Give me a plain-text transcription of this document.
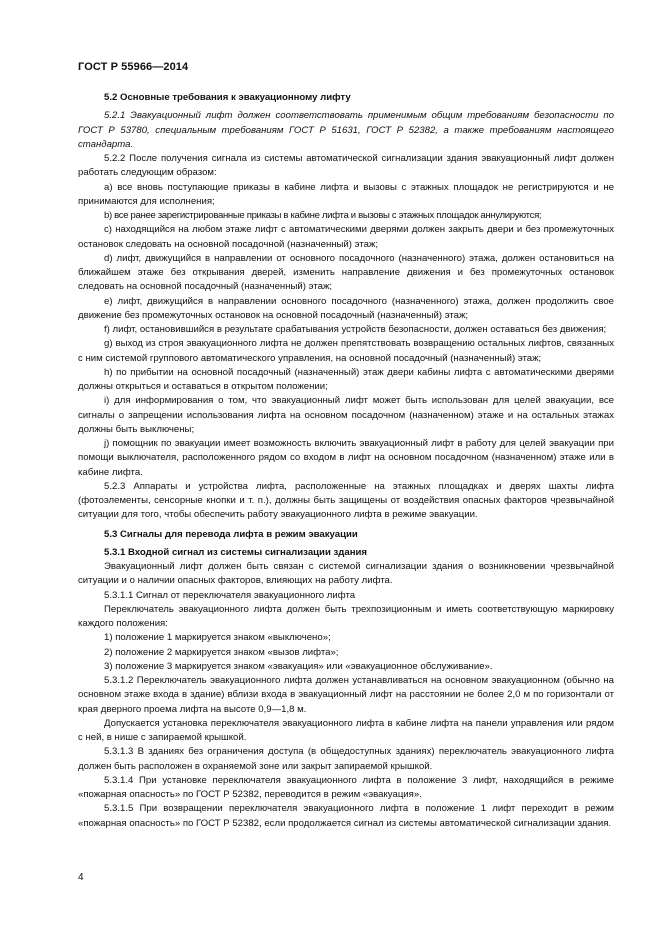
ГОСТ Р 55966—2014

5.2 Основные требования к эвакуационному лифту

5.2.1 Эвакуационный лифт должен соответствовать применимым общим требованиям безопасности по ГОСТ Р 53780, специальным требованиям ГОСТ Р 51631, ГОСТ Р 52382, а также требованиям настоящего стандарта.

5.2.2 После получения сигнала из системы автоматической сигнализации здания эвакуационный лифт должен работать следующим образом:

а) все вновь поступающие приказы в кабине лифта и вызовы с этажных площадок не регистрируются и не принимаются для исполнения;

b) все ранее зарегистрированные приказы в кабине лифта и вызовы с этажных площадок аннулируются;

с) находящийся на любом этаже лифт с автоматическими дверями должен закрыть двери и без промежуточных остановок следовать на основной посадочной (назначенный) этаж;

d) лифт, движущийся в направлении от основного посадочного (назначенного) этажа, должен остановиться на ближайшем этаже без открывания дверей, изменить направление движения и без промежуточных остановок следовать на основной посадочный (назначенный) этаж;

е) лифт, движущийся в направлении основного посадочного (назначенного) этажа, должен продолжить свое движение без промежуточных остановок на основной посадочный (назначенный) этаж;

f) лифт, остановившийся в результате срабатывания устройств безопасности, должен оставаться без движения;

g) выход из строя эвакуационного лифта не должен препятствовать возвращению остальных лифтов, связанных с ним системой группового автоматического управления, на основной посадочный (назначенный) этаж;

h) по прибытии на основной посадочный (назначенный) этаж двери кабины лифта с автоматическими дверями должны открыться и оставаться в открытом положении;

i) для информирования о том, что эвакуационный лифт может быть использован для целей эвакуации, все сигналы о запрещении использования лифта на основном посадочном (назначенном) этаже и на остальных этажах должны быть выключены;

j) помощник по эвакуации имеет возможность включить эвакуационный лифт в работу для целей эвакуации при помощи выключателя, расположенного рядом со входом в лифт на основном посадочном (назначенном) этаже или в кабине лифта.

5.2.3 Аппараты и устройства лифта, расположенные на этажных площадках и дверях шахты лифта (фотоэлементы, сенсорные кнопки и т. п.), должны быть защищены от воздействия опасных факторов чрезвычайной ситуации для того, чтобы обеспечить работу эвакуационного лифта в режиме эвакуации.

5.3 Сигналы для перевода лифта в режим эвакуации

5.3.1 Входной сигнал из системы сигнализации здания

Эвакуационный лифт должен быть связан с системой сигнализации здания о возникновении чрезвычайной ситуации и о наличии опасных факторов, влияющих на работу лифта.

5.3.1.1 Сигнал от переключателя эвакуационного лифта

Переключатель эвакуационного лифта должен быть трехпозиционным и иметь соответствующую маркировку каждого положения:

1) положение 1 маркируется знаком «выключено»;

2) положение 2 маркируется знаком «вызов лифта»;

3) положение 3 маркируется знаком «эвакуация» или «эвакуационное обслуживание».

5.3.1.2 Переключатель эвакуационного лифта должен устанавливаться на основном эвакуационном (обычно на основном этаже входа в здание) вблизи входа в эвакуационный лифт на расстоянии не более 2,0 м по горизонтали от края дверного проема лифта на высоте 0,9—1,8 м.

Допускается установка переключателя эвакуационного лифта в кабине лифта на панели управления или рядом с ней, в нише с запираемой крышкой.

5.3.1.3 В зданиях без ограничения доступа (в общедоступных зданиях) переключатель эвакуационного лифта должен быть расположен в охраняемой зоне или закрыт запираемой крышкой.

5.3.1.4 При установке переключателя эвакуационного лифта в положение 3 лифт, находящийся в режиме «пожарная опасность» по ГОСТ Р 52382, переводится в режим «эвакуация».

5.3.1.5 При возвращении переключателя эвакуационного лифта в положение 1 лифт переходит в режим «пожарная опасность» по ГОСТ Р 52382, если продолжается сигнал из системы автоматической сигнализации здания.

4
